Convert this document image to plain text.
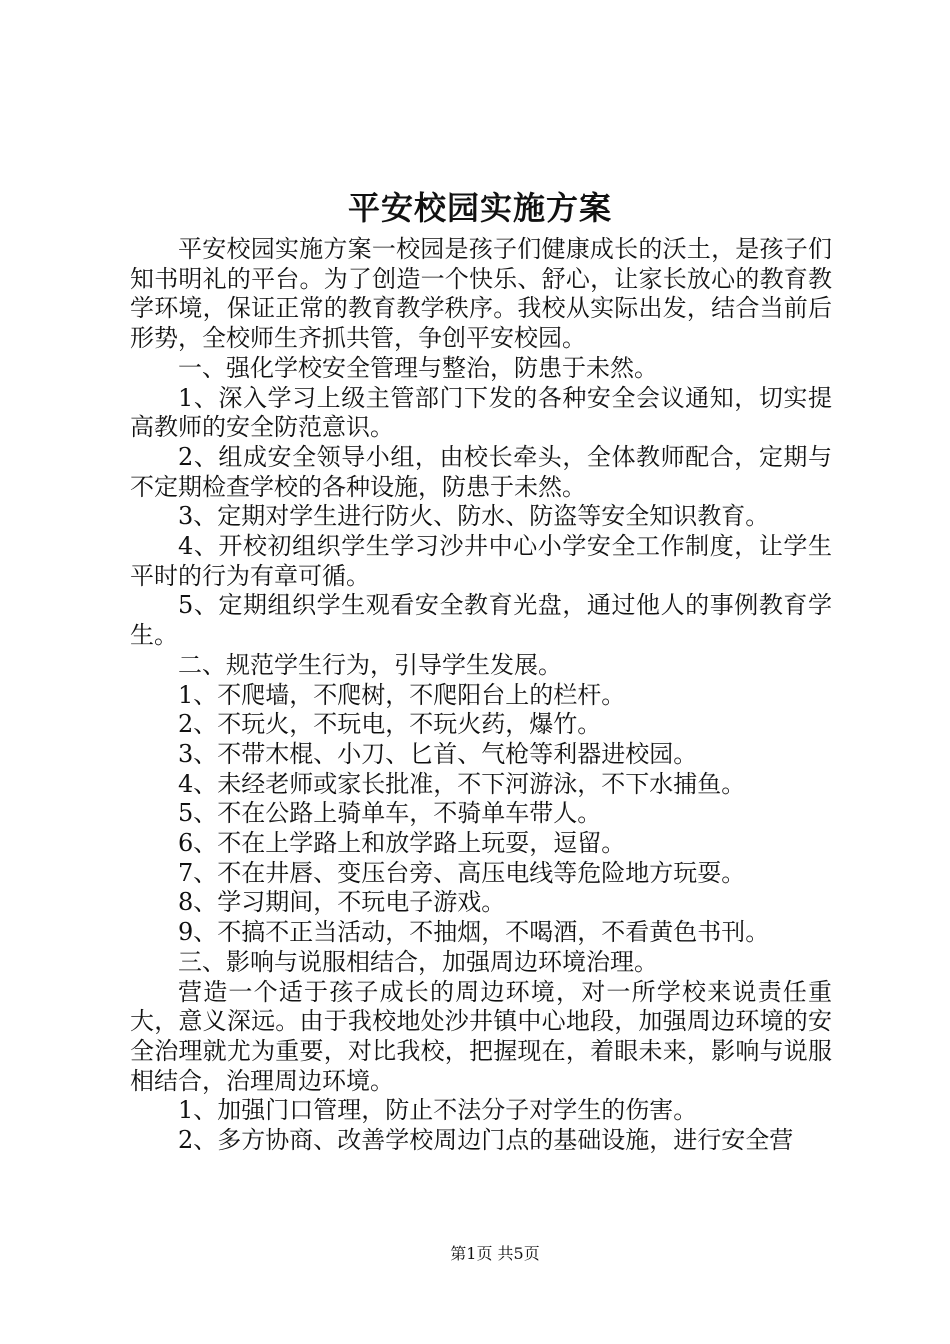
平安校园实施方案

平安校园实施方案一校园是孩子们健康成长的沃土，是孩子们知书明礼的平台。为了创造一个快乐、舒心，让家长放心的教育教学环境，保证正常的教育教学秩序。我校从实际出发，结合当前后形势，全校师生齐抓共管，争创平安校园。

一、强化学校安全管理与整治，防患于未然。

1、深入学习上级主管部门下发的各种安全会议通知，切实提高教师的安全防范意识。

2、组成安全领导小组，由校长牵头，全体教师配合，定期与不定期检查学校的各种设施，防患于未然。

3、定期对学生进行防火、防水、防盗等安全知识教育。

4、开校初组织学生学习沙井中心小学安全工作制度，让学生平时的行为有章可循。

5、定期组织学生观看安全教育光盘，通过他人的事例教育学生。

二、规范学生行为，引导学生发展。

1、不爬墙，不爬树，不爬阳台上的栏杆。

2、不玩火，不玩电，不玩火药，爆竹。

3、不带木棍、小刀、匕首、气枪等利器进校园。

4、未经老师或家长批准，不下河游泳，不下水捕鱼。

5、不在公路上骑单车，不骑单车带人。

6、不在上学路上和放学路上玩耍，逗留。

7、不在井唇、变压台旁、高压电线等危险地方玩耍。

8、学习期间，不玩电子游戏。

9、不搞不正当活动，不抽烟，不喝酒，不看黄色书刊。

三、影响与说服相结合，加强周边环境治理。

营造一个适于孩子成长的周边环境，对一所学校来说责任重大，意义深远。由于我校地处沙井镇中心地段，加强周边环境的安全治理就尤为重要，对比我校，把握现在，着眼未来，影响与说服相结合，治理周边环境。

1、加强门口管理，防止不法分子对学生的伤害。

2、多方协商、改善学校周边门点的基础设施，进行安全营

第1页 共5页
